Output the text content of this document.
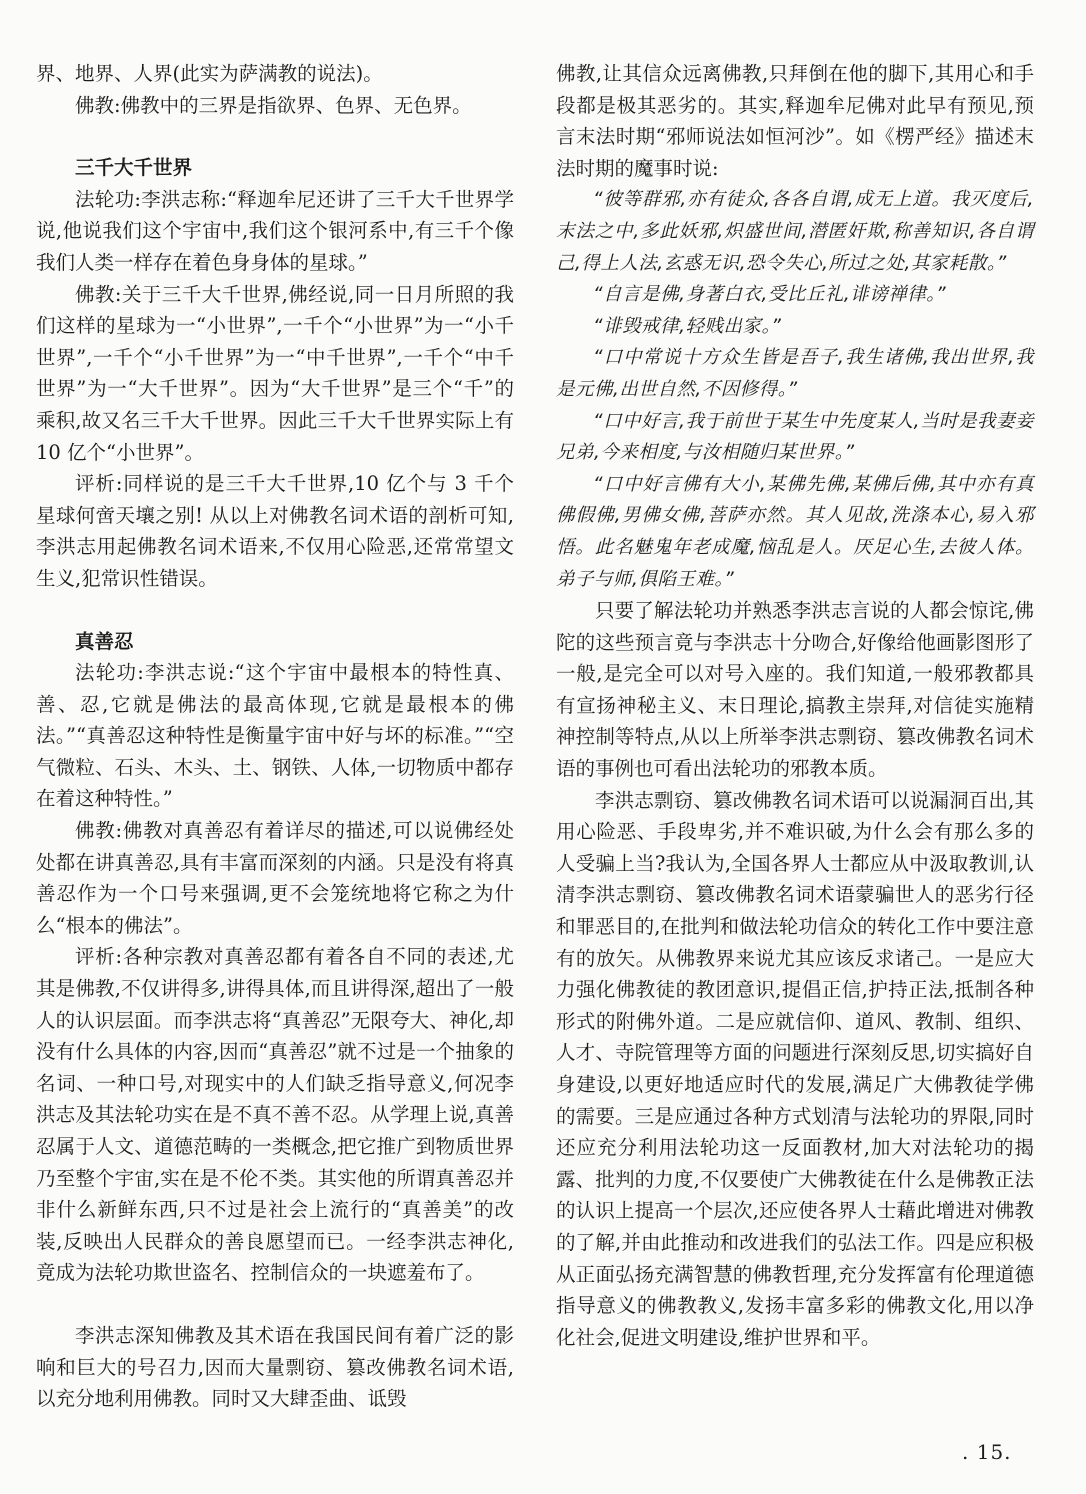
界、地界、人界(此实为萨满教的说法)。

佛教:佛教中的三界是指欲界、色界、无色界。

三千大千世界

法轮功:李洪志称:“释迦牟尼还讲了三千大千世界学说,他说我们这个宇宙中,我们这个银河系中,有三千个像我们人类一样存在着色身身体的星球。”

佛教:关于三千大千世界,佛经说,同一日月所照的我们这样的星球为一“小世界”,一千个“小世界”为一“小千世界”,一千个“小千世界”为一“中千世界”,一千个“中千世界”为一“大千世界”。因为“大千世界”是三个“千”的乘积,故又名三千大千世界。因此三千大千世界实际上有 10 亿个“小世界”。

评析:同样说的是三千大千世界,10 亿个与 3 千个星球何啻天壤之别! 从以上对佛教名词术语的剖析可知,李洪志用起佛教名词术语来,不仅用心险恶,还常常望文生义,犯常识性错误。

真善忍

法轮功:李洪志说:“这个宇宙中最根本的特性真、善、忍,它就是佛法的最高体现,它就是最根本的佛法。”“真善忍这种特性是衡量宇宙中好与坏的标准。”“空气微粒、石头、木头、土、钢铁、人体,一切物质中都存在着这种特性。”

佛教:佛教对真善忍有着详尽的描述,可以说佛经处处都在讲真善忍,具有丰富而深刻的内涵。只是没有将真善忍作为一个口号来强调,更不会笼统地将它称之为什么“根本的佛法”。

评析:各种宗教对真善忍都有着各自不同的表述,尤其是佛教,不仅讲得多,讲得具体,而且讲得深,超出了一般人的认识层面。而李洪志将“真善忍”无限夸大、神化,却没有什么具体的内容,因而“真善忍”就不过是一个抽象的名词、一种口号,对现实中的人们缺乏指导意义,何况李洪志及其法轮功实在是不真不善不忍。从学理上说,真善忍属于人文、道德范畴的一类概念,把它推广到物质世界乃至整个宇宙,实在是不伦不类。其实他的所谓真善忍并非什么新鲜东西,只不过是社会上流行的“真善美”的改装,反映出人民群众的善良愿望而已。一经李洪志神化,竟成为法轮功欺世盗名、控制信众的一块遮羞布了。

李洪志深知佛教及其术语在我国民间有着广泛的影响和巨大的号召力,因而大量剽窃、篡改佛教名词术语,以充分地利用佛教。同时又大肆歪曲、诋毁

佛教,让其信众远离佛教,只拜倒在他的脚下,其用心和手段都是极其恶劣的。其实,释迦牟尼佛对此早有预见,预言末法时期“邪师说法如恒河沙”。如《楞严经》描述末法时期的魔事时说:

“彼等群邪,亦有徒众,各各自谓,成无上道。我灭度后,末法之中,多此妖邪,炽盛世间,潜匿奸欺,称善知识,各自谓己,得上人法,玄惑无识,恐令失心,所过之处,其家耗散。”

“自言是佛,身著白衣,受比丘礼,诽谤禅律。”

“诽毁戒律,轻贱出家。”

“口中常说十方众生皆是吾子,我生诸佛,我出世界,我是元佛,出世自然,不因修得。”

“口中好言,我于前世于某生中先度某人,当时是我妻妾兄弟,今来相度,与汝相随归某世界。”

“口中好言佛有大小,某佛先佛,某佛后佛,其中亦有真佛假佛,男佛女佛,菩萨亦然。其人见故,洗涤本心,易入邪悟。此名魅鬼年老成魔,恼乱是人。厌足心生,去彼人体。弟子与师,俱陷王难。”

只要了解法轮功并熟悉李洪志言说的人都会惊诧,佛陀的这些预言竟与李洪志十分吻合,好像给他画影图形了一般,是完全可以对号入座的。我们知道,一般邪教都具有宣扬神秘主义、末日理论,搞教主崇拜,对信徒实施精神控制等特点,从以上所举李洪志剽窃、篡改佛教名词术语的事例也可看出法轮功的邪教本质。

李洪志剽窃、篡改佛教名词术语可以说漏洞百出,其用心险恶、手段卑劣,并不难识破,为什么会有那么多的人受骗上当?我认为,全国各界人士都应从中汲取教训,认清李洪志剽窃、篡改佛教名词术语蒙骗世人的恶劣行径和罪恶目的,在批判和做法轮功信众的转化工作中要注意有的放矢。从佛教界来说尤其应该反求诸己。一是应大力强化佛教徒的教团意识,提倡正信,护持正法,抵制各种形式的附佛外道。二是应就信仰、道风、教制、组织、人才、寺院管理等方面的问题进行深刻反思,切实搞好自身建设,以更好地适应时代的发展,满足广大佛教徒学佛的需要。三是应通过各种方式划清与法轮功的界限,同时还应充分利用法轮功这一反面教材,加大对法轮功的揭露、批判的力度,不仅要使广大佛教徒在什么是佛教正法的认识上提高一个层次,还应使各界人士藉此增进对佛教的了解,并由此推动和改进我们的弘法工作。四是应积极从正面弘扬充满智慧的佛教哲理,充分发挥富有伦理道德指导意义的佛教教义,发扬丰富多彩的佛教文化,用以净化社会,促进文明建设,维护世界和平。

. 15.
